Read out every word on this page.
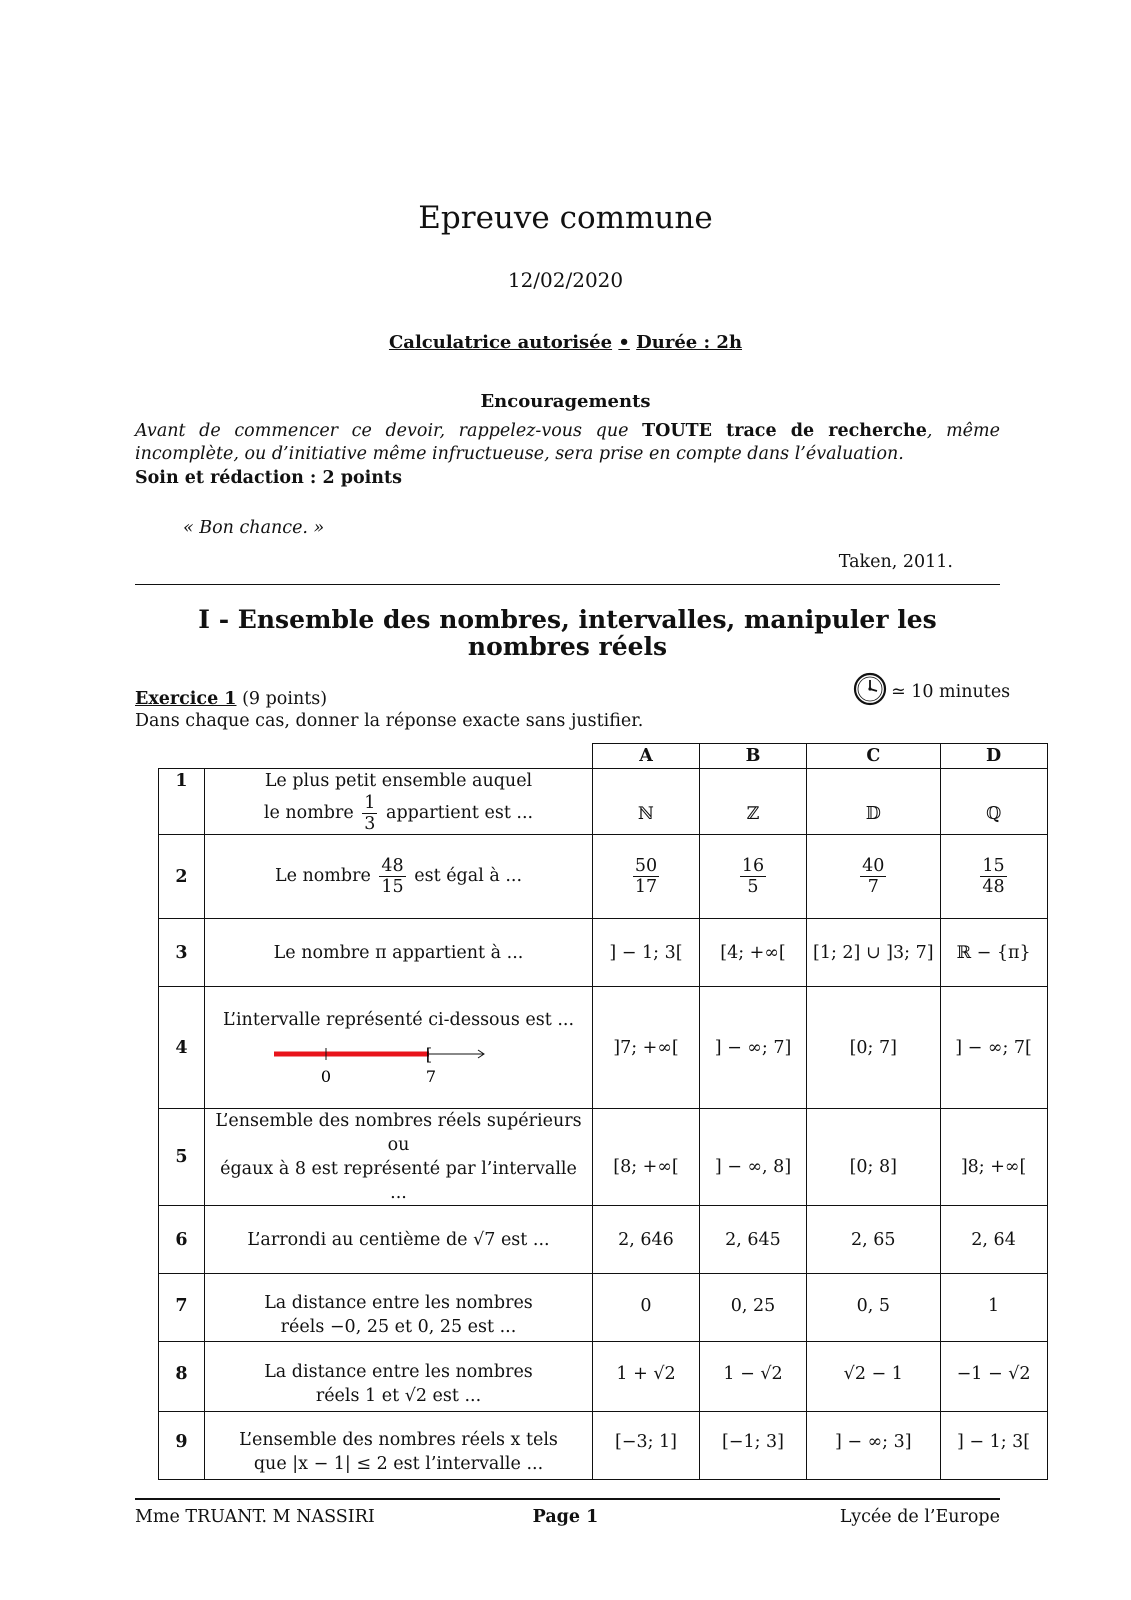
Epreuve commune
12/02/2020
Calculatrice autorisée • Durée : 2h
Encouragements
Avant de commencer ce devoir, rappelez-vous que TOUTE trace de recherche, même incomplète, ou d’initiative même infructueuse, sera prise en compte dans l’évaluation.
Soin et rédaction : 2 points
« Bon chance. »
Taken, 2011.
I - Ensemble des nombres, intervalles, manipuler les nombres réels
Exercice 1 (9 points)	≃ 10 minutes
Dans chaque cas, donner la réponse exacte sans justifier.
		A	B	C	D
1	Le plus petit ensemble auquel
le nombre $\frac{1}{3}$ appartient est ...	ℕ	ℤ	𝔻	ℚ
2	Le nombre $\frac{48}{15}$ est égal à ...	$\frac{50}{17}$	$\frac{16}{5}$	$\frac{40}{7}$	$\frac{15}{48}$

3	Le nombre π appartient à ...	] − 1; 3[	[4; +∞[	[1; 2] ∪ ]3; 7]	ℝ − {π}
4	L’intervalle représenté ci-dessous est ...
[
0 7	]7; +∞[	] − ∞; 7]	[0; 7]	] − ∞; 7[
5	L’ensemble des nombres réels supérieurs ou
égaux à 8 est représenté par l’intervalle ...	[8; +∞[	] − ∞, 8]	[0; 8]	]8; +∞[
6	L’arrondi au centième de √7 est ...	2, 646	2, 645	2, 65	2, 64
7	La distance entre les nombres
réels −0, 25 et 0, 25 est ...	0	0, 25	0, 5	1
8	La distance entre les nombres
réels 1 et √2 est ...	1 + √2	1 − √2	√2 − 1	−1 − √2
9	L’ensemble des nombres réels x tels
que |x − 1| ≤ 2 est l’intervalle ...	[−3; 1]	[−1; 3]	] − ∞; 3]	] − 1; 3[
Mme TRUANT. M NASSIRI	Page 1	Lycée de l’Europe
